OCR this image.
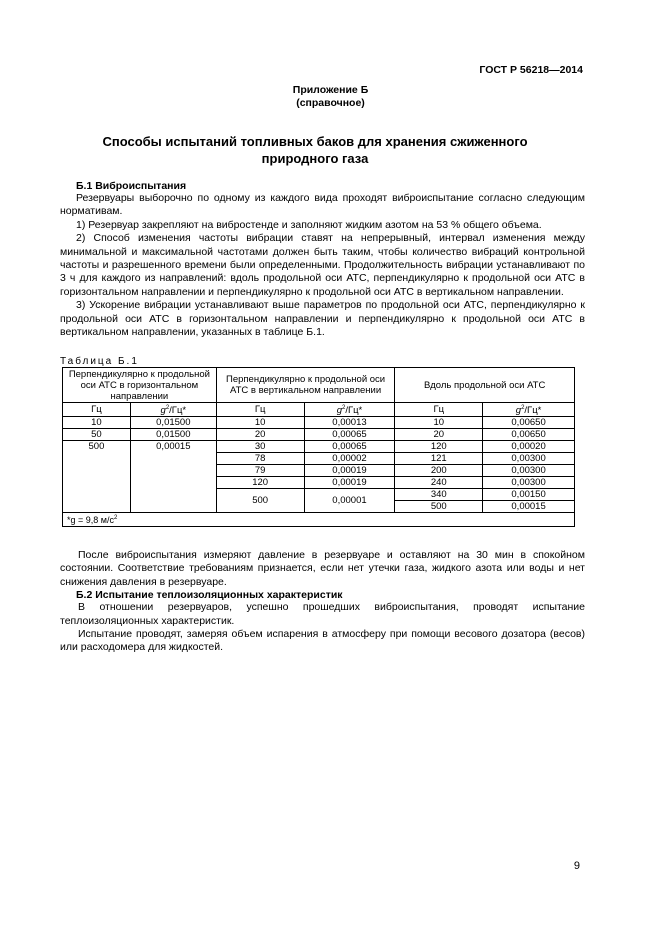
ГОСТ Р 56218—2014
Приложение Б
(справочное)
Способы испытаний топливных баков для хранения сжиженного
природного газа
Б.1 Виброиспытания
Резервуары выборочно по одному из каждого вида проходят виброиспытание согласно следующим нормативам.
1) Резервуар закрепляют на вибростенде и заполняют жидким азотом на 53 % общего объема.
2) Способ изменения частоты вибрации ставят на непрерывный, интервал изменения между минимальной и максимальной частотами должен быть таким, чтобы количество вибраций контрольной частоты и разрешенного времени были определенными. Продолжительность вибрации устанавливают по 3 ч для каждого из направлений: вдоль продольной оси АТС, перпендикулярно к продольной оси АТС в горизонтальном направлении и перпендикулярно к продольной оси АТС в вертикальном направлении.
3) Ускорение вибрации устанавливают выше параметров по продольной оси АТС, перпендикулярно к продольной оси АТС в горизонтальном направлении и перпендикулярно к продольной оси АТС в вертикальном направлении, указанных в таблице Б.1.
Таблица Б.1
Перпендикулярно к продольной оси АТС в горизонтальном направлении		Перпендикулярно к продольной оси АТС в вертикальном направлении		Вдоль продольной оси АТС	
Гц	$g^2/Гц*$	Гц	$g^2/Гц*$	Гц	$g^2/Гц*$
10	0,01500	10	0,00013	10	0,00650
50	0,01500	20	0,00065	20	0,00650
500	0,00015	30	0,00065	120	0,00020
		78	0,00002	121	0,00300
		79	0,00019	200	0,00300
		120	0,00019	240	0,00300
		500	0,00001	340	0,00150
				500	0,00015
*g = 9,8 $м/с^2$
После виброиспытания измеряют давление в резервуаре и оставляют на 30 мин в спокойном состоянии. Соответствие требованиям признается, если нет утечки газа, жидкого азота или воды и нет снижения давления в резервуаре.
Б.2 Испытание теплоизоляционных характеристик
В отношении резервуаров, успешно прошедших виброиспытания, проводят испытание теплоизоляционных характеристик.
Испытание проводят, замеряя объем испарения в атмосферу при помощи весового дозатора (весов) или расходомера для жидкостей.
9
